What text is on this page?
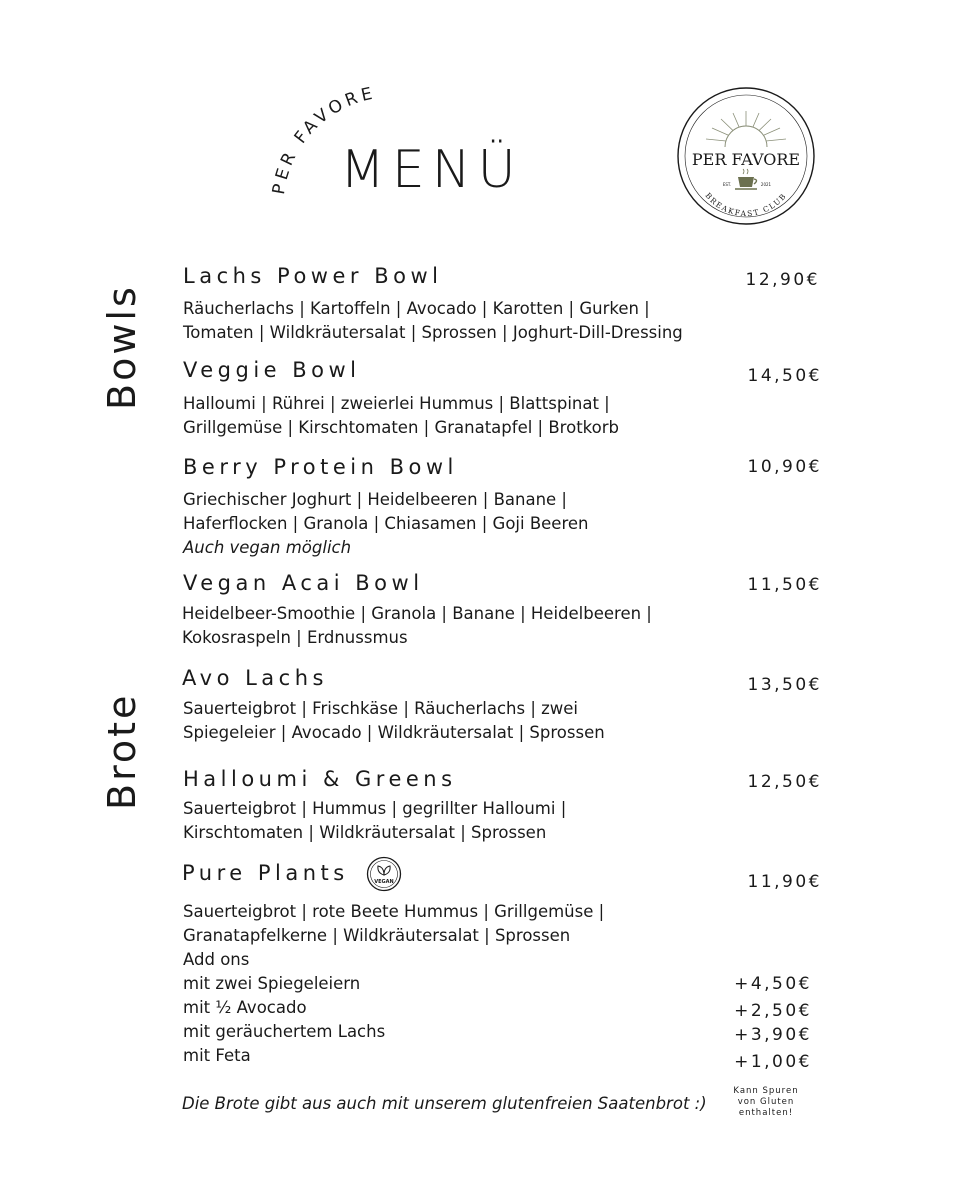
PER FAVORE
MENÜ	PER FAVORE
EST.	2021
BREAKFAST CLUB
Bowls
Brote
Lachs Power Bowl	12,90€
Räucherlachs | Kartoffeln | Avocado | Karotten | Gurken |
Tomaten | Wildkräutersalat | Sprossen | Joghurt-Dill-Dressing
Veggie Bowl	14,50€
Halloumi | Rührei | zweierlei Hummus | Blattspinat |
Grillgemüse | Kirschtomaten | Granatapfel | Brotkorb
Berry Protein Bowl	10,90€
Griechischer Joghurt | Heidelbeeren | Banane |
Haferflocken | Granola | Chiasamen | Goji Beeren
Auch vegan möglich
Vegan Acai Bowl	11,50€
Heidelbeer-Smoothie | Granola | Banane | Heidelbeeren |
Kokosraspeln | Erdnussmus
Avo Lachs	13,50€
Sauerteigbrot | Frischkäse | Räucherlachs | zwei
Spiegeleier | Avocado | Wildkräutersalat | Sprossen
Halloumi & Greens	12,50€
Sauerteigbrot | Hummus | gegrillter Halloumi |
Kirschtomaten | Wildkräutersalat | Sprossen
Pure Plants	VEGAN	11,90€
Sauerteigbrot | rote Beete Hummus | Grillgemüse |
Granatapfelkerne | Wildkräutersalat | Sprossen
Add ons
mit zwei Spiegeleiern	+4,50€
mit ½ Avocado	+2,50€
mit geräuchertem Lachs	+3,90€
mit Feta	+1,00€
Die Brote gibt aus auch mit unserem glutenfreien Saatenbrot :)
Kann Spuren
von Gluten
enthalten!
